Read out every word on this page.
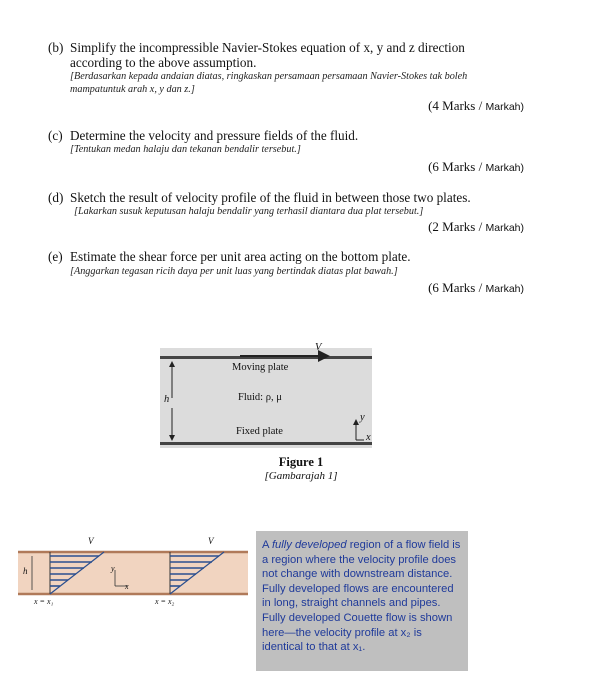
(b) Simplify the incompressible Navier-Stokes equation of x, y and z direction
according to the above assumption.
[Berdasarkan kepada andaian diatas, ringkaskan persamaan persamaan Navier-Stokes tak boleh
mampatuntuk arah x, y dan z.]
(4 Marks / Markah)
(c) Determine the velocity and pressure fields of the fluid.
[Tentukan medan halaju dan tekanan bendalir tersebut.]
(6 Marks / Markah)
(d) Sketch the result of velocity profile of the fluid in between those two plates.
[Lakarkan susuk keputusan halaju bendalir yang terhasil diantara dua plat tersebut.]
(2 Marks / Markah)
(e) Estimate the shear force per unit area acting on the bottom plate.
[Anggarkan tegasan ricih daya per unit luas yang bertindak diatas plat bawah.]
(6 Marks / Markah)
V
Moving plate
Fluid: ρ, μ
Fixed plate
h
y
x
Figure 1
[Gambarajah 1]
V	V
h	y
x
x = x₁	x = x₂

A fully developed region of a flow field is a region where the velocity profile does not change with downstream distance. Fully developed flows are encountered in long, straight channels and pipes. Fully developed Couette flow is shown here—the velocity profile at x₂ is identical to that at x₁.
